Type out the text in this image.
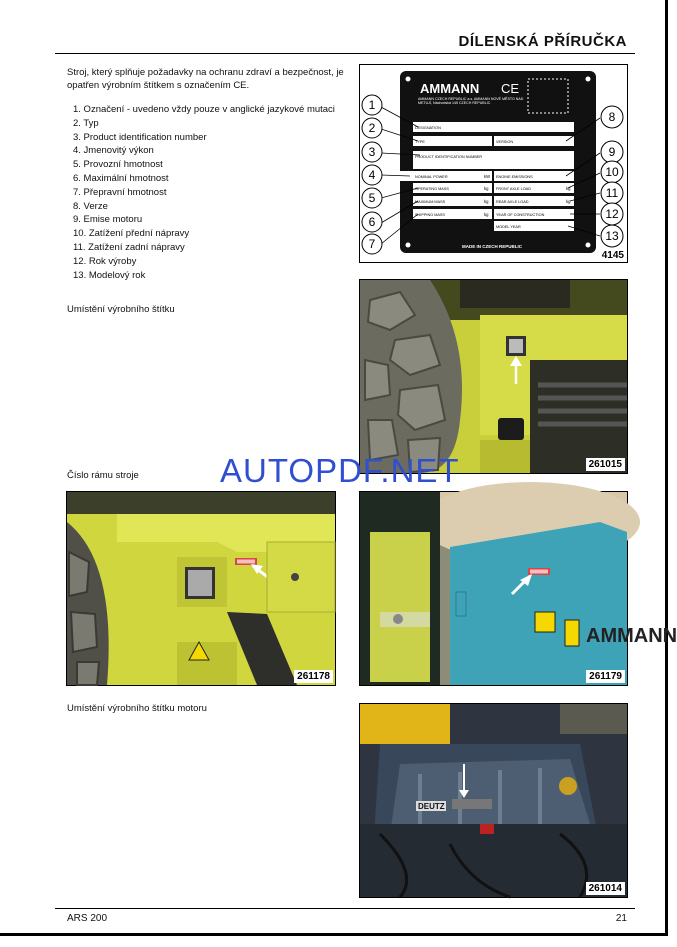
DÍLENSKÁ PŘÍRUČKA
Stroj, který splňuje požadavky na ochranu zdraví a bezpečnost, je opatřen výrobním štítkem s označením CE.
1. Označení - uvedeno vždy pouze v anglické jazykové mutaci
2. Typ
3. Product identification number
4. Jmenovitý výkon
5. Provozní hmotnost
6. Maximální hmotnost
7. Přepravní hmotnost
8. Verze
9. Emise motoru
10. Zatížení přední nápravy
11. Zatížení zadní nápravy
12. Rok výroby
13. Modelový rok
AMMANN CE
AMMANN CZECH REPUBLIC a.s. AMMANN NOVÉ MĚSTO NAD METUJÍ, Náchodská 145 CZECH REPUBLIC
DESIGNATION
TYPE	VERSION
PRODUCT IDENTIFICATION NUMBER
NOMINAL POWER	kW ENGINE EMISSIONS
OPERATING MASS	kg FRONT AXLE LOAD	kg
MAXIMUM MASS	kg REAR AXLE LOAD	kg
SHIPPING MASS	kg YEAR OF CONSTRUCTION
MODEL YEAR
MADE IN CZECH REPUBLIC
1
2
3
4
5
6
7
8
9
10
11
12
13
4145
Umístění výrobního štítku
261015
AUTOPDF.NET
Číslo rámu stroje
261178
AMMANN
261179
Umístění výrobního štítku motoru
DEUTZ
261014
ARS 200	21
